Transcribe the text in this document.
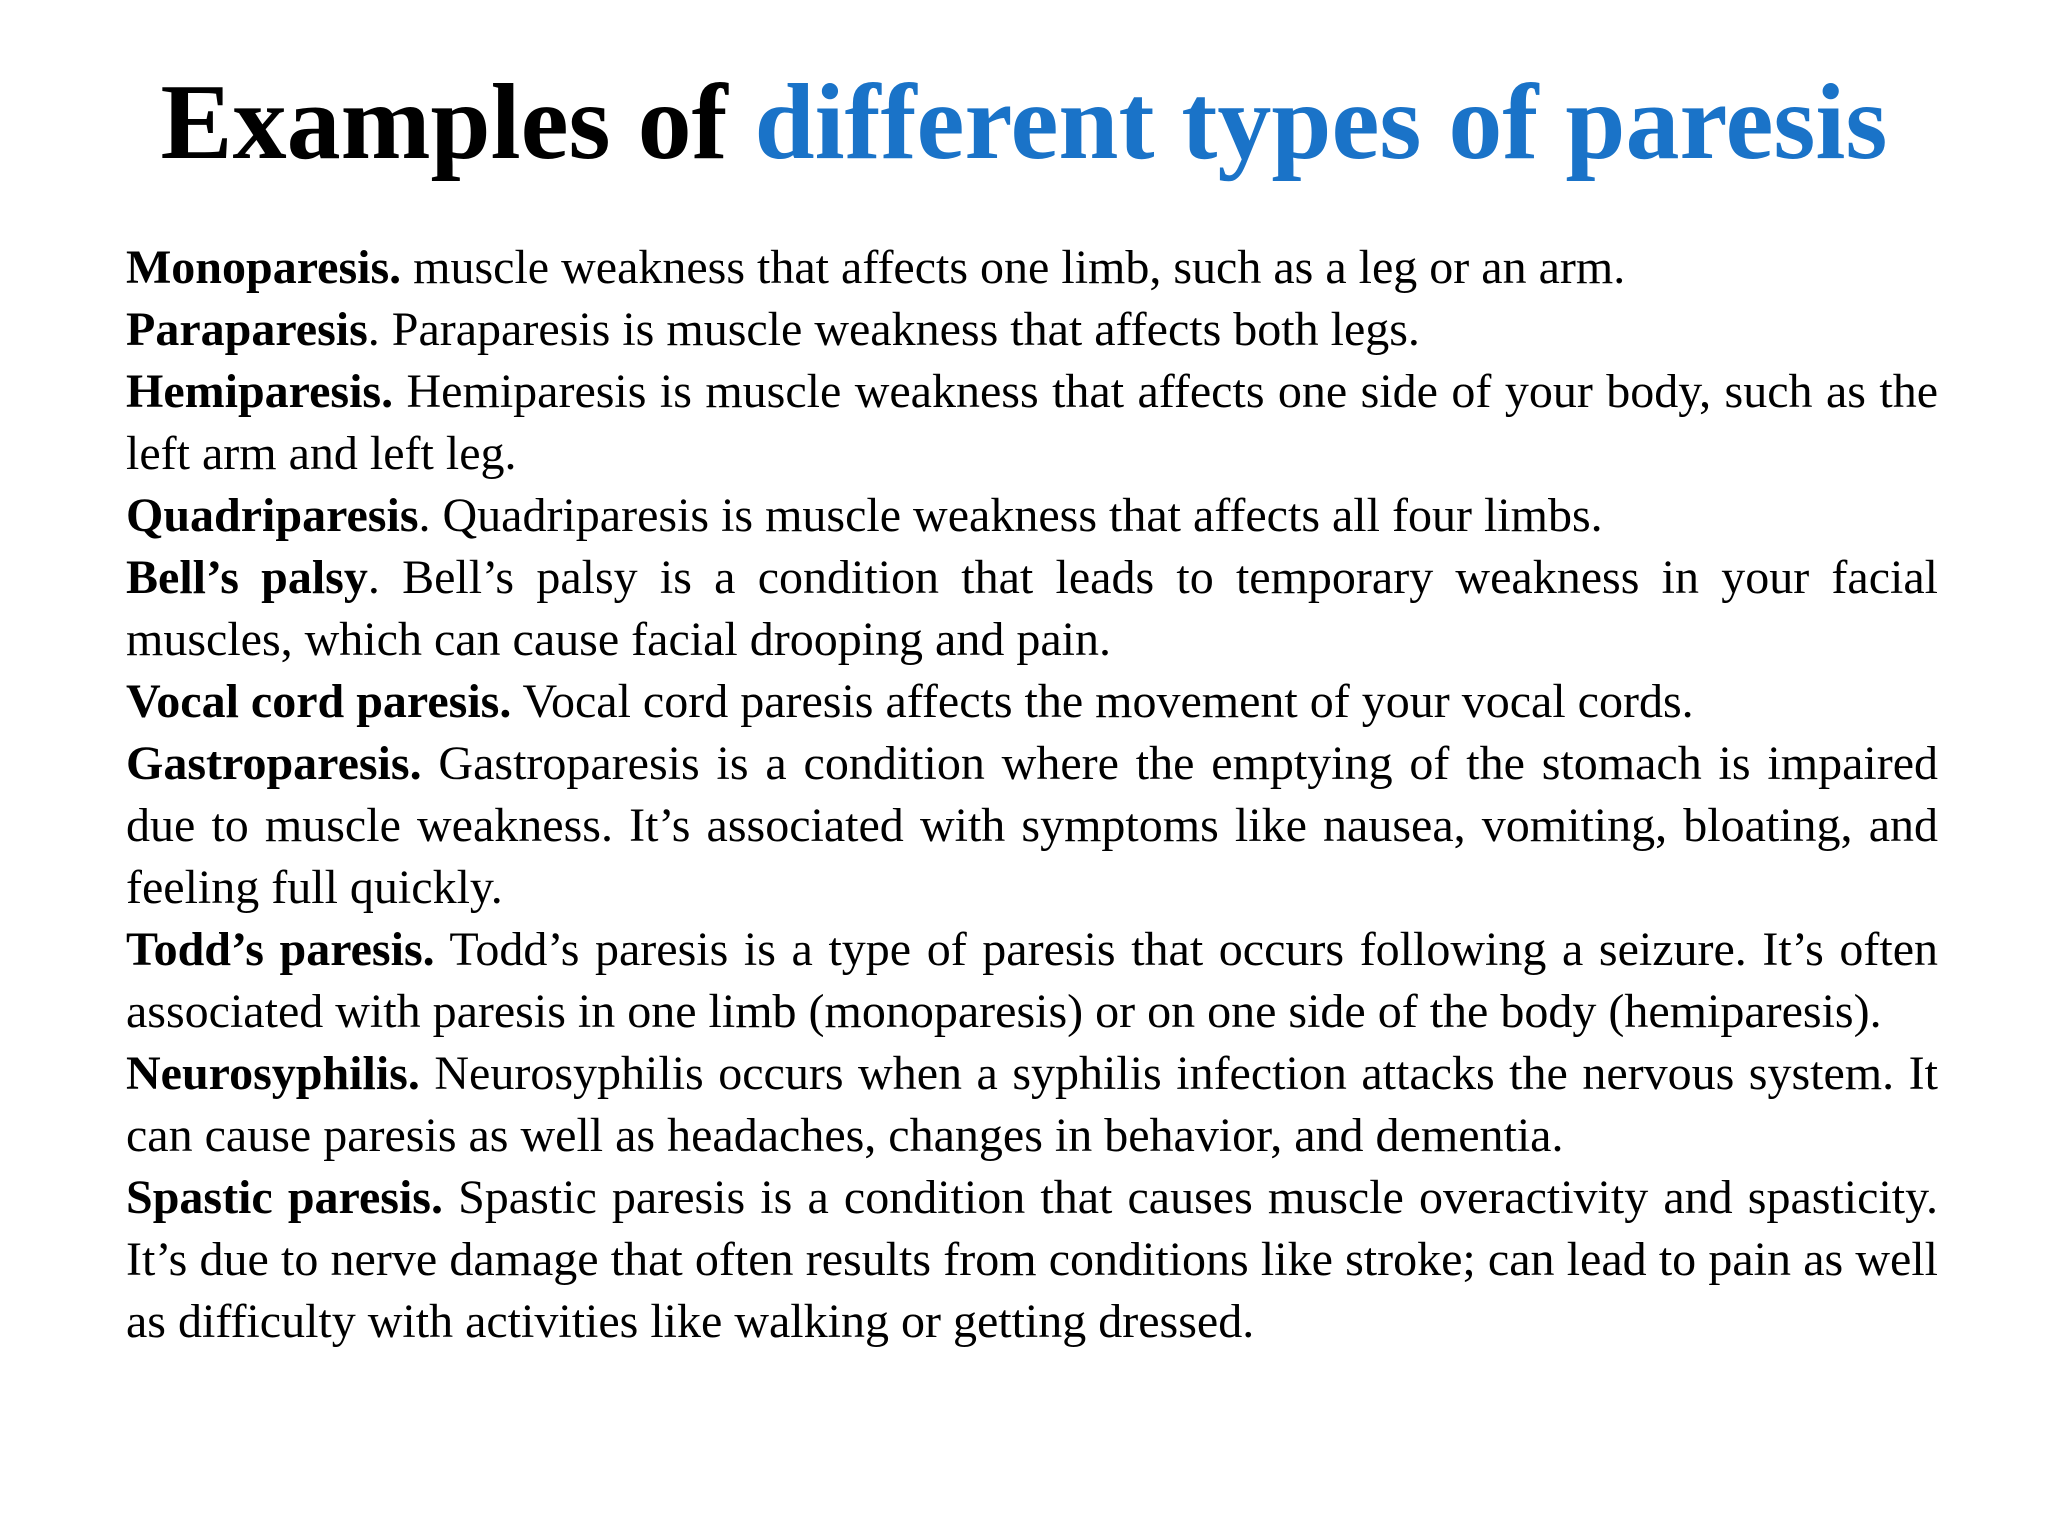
Examples of different types of paresis

Monoparesis. muscle weakness that affects one limb, such as a leg or an arm.

Paraparesis. Paraparesis is muscle weakness that affects both legs.

Hemiparesis. Hemiparesis is muscle weakness that affects one side of your body, such as the left arm and left leg.

Quadriparesis. Quadriparesis is muscle weakness that affects all four limbs.

Bell’s palsy. Bell’s palsy is a condition that leads to temporary weakness in your facial muscles, which can cause facial drooping and pain.

Vocal cord paresis. Vocal cord paresis affects the movement of your vocal cords.

Gastroparesis. Gastroparesis is a condition where the emptying of the stomach is impaired due to muscle weakness. It’s associated with symptoms like nausea, vomiting, bloating, and feeling full quickly.

Todd’s paresis. Todd’s paresis is a type of paresis that occurs following a seizure. It’s often associated with paresis in one limb (monoparesis) or on one side of the body (hemiparesis).

Neurosyphilis. Neurosyphilis occurs when a syphilis infection attacks the nervous system. It can cause paresis as well as headaches, changes in behavior, and dementia.

Spastic paresis. Spastic paresis is a condition that causes muscle overactivity and spasticity. It’s due to nerve damage that often results from conditions like stroke; can lead to pain as well as difficulty with activities like walking or getting dressed.
